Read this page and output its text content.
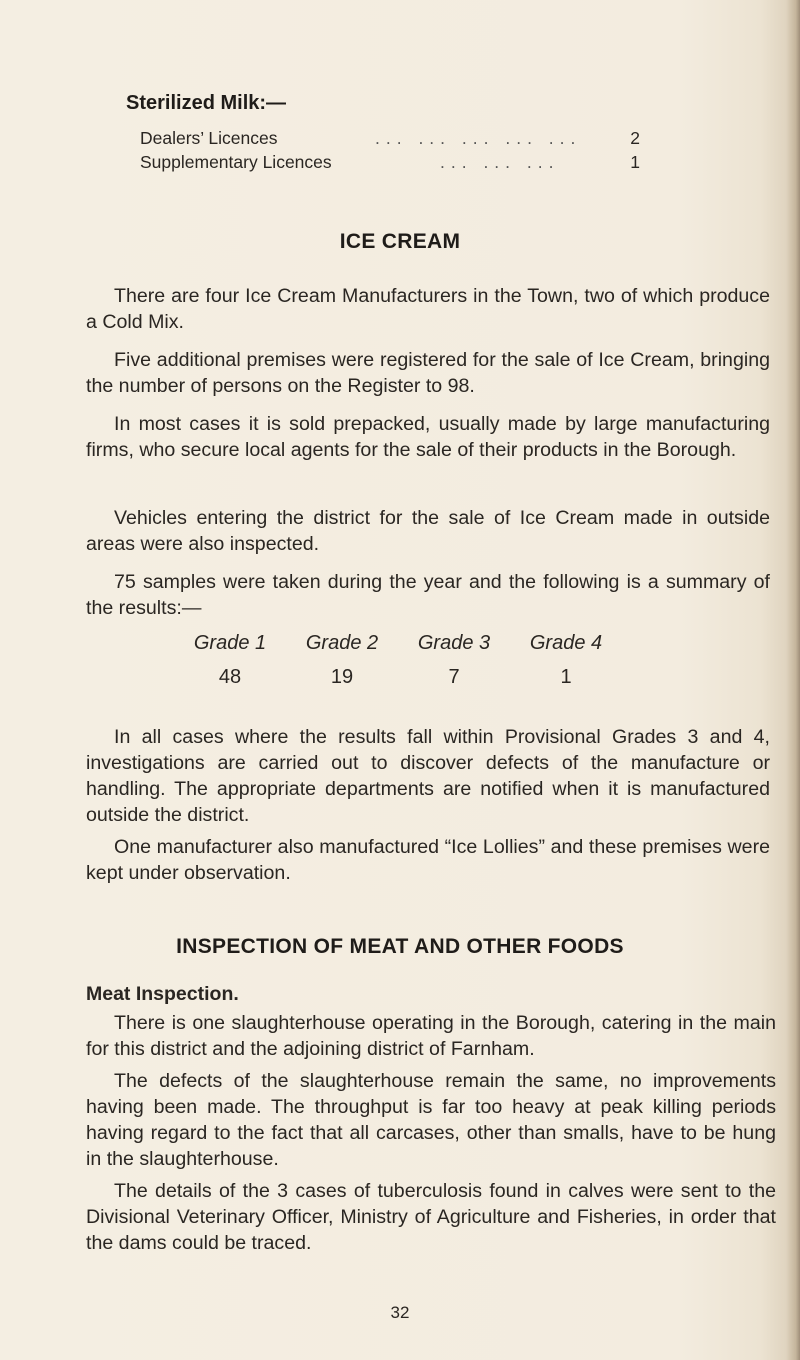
Sterilized Milk:—
Dealers’ Licences	... ... ... ... ...	2
Supplementary Licences	... ... ...	1
ICE CREAM
There are four Ice Cream Manufacturers in the Town, two of which produce a Cold Mix.
Five additional premises were registered for the sale of Ice Cream, bringing the number of persons on the Register to 98.
In most cases it is sold prepacked, usually made by large manufacturing firms, who secure local agents for the sale of their products in the Borough.
Vehicles entering the district for the sale of Ice Cream made in outside areas were also inspected.
75 samples were taken during the year and the following is a summary of the results:—
Grade 1	Grade 2	Grade 3	Grade 4
48	19	7	1
In all cases where the results fall within Provisional Grades 3 and 4, investigations are carried out to discover defects of the manufacture or handling. The appropriate departments are notified when it is manufactured outside the district.
One manufacturer also manufactured “Ice Lollies” and these premises were kept under observation.
INSPECTION OF MEAT AND OTHER FOODS
Meat Inspection.
There is one slaughterhouse operating in the Borough, catering in the main for this district and the adjoining district of Farnham.
The defects of the slaughterhouse remain the same, no improvements having been made. The throughput is far too heavy at peak killing periods having regard to the fact that all carcases, other than smalls, have to be hung in the slaughterhouse.
The details of the 3 cases of tuberculosis found in calves were sent to the Divisional Veterinary Officer, Ministry of Agriculture and Fisheries, in order that the dams could be traced.
32
